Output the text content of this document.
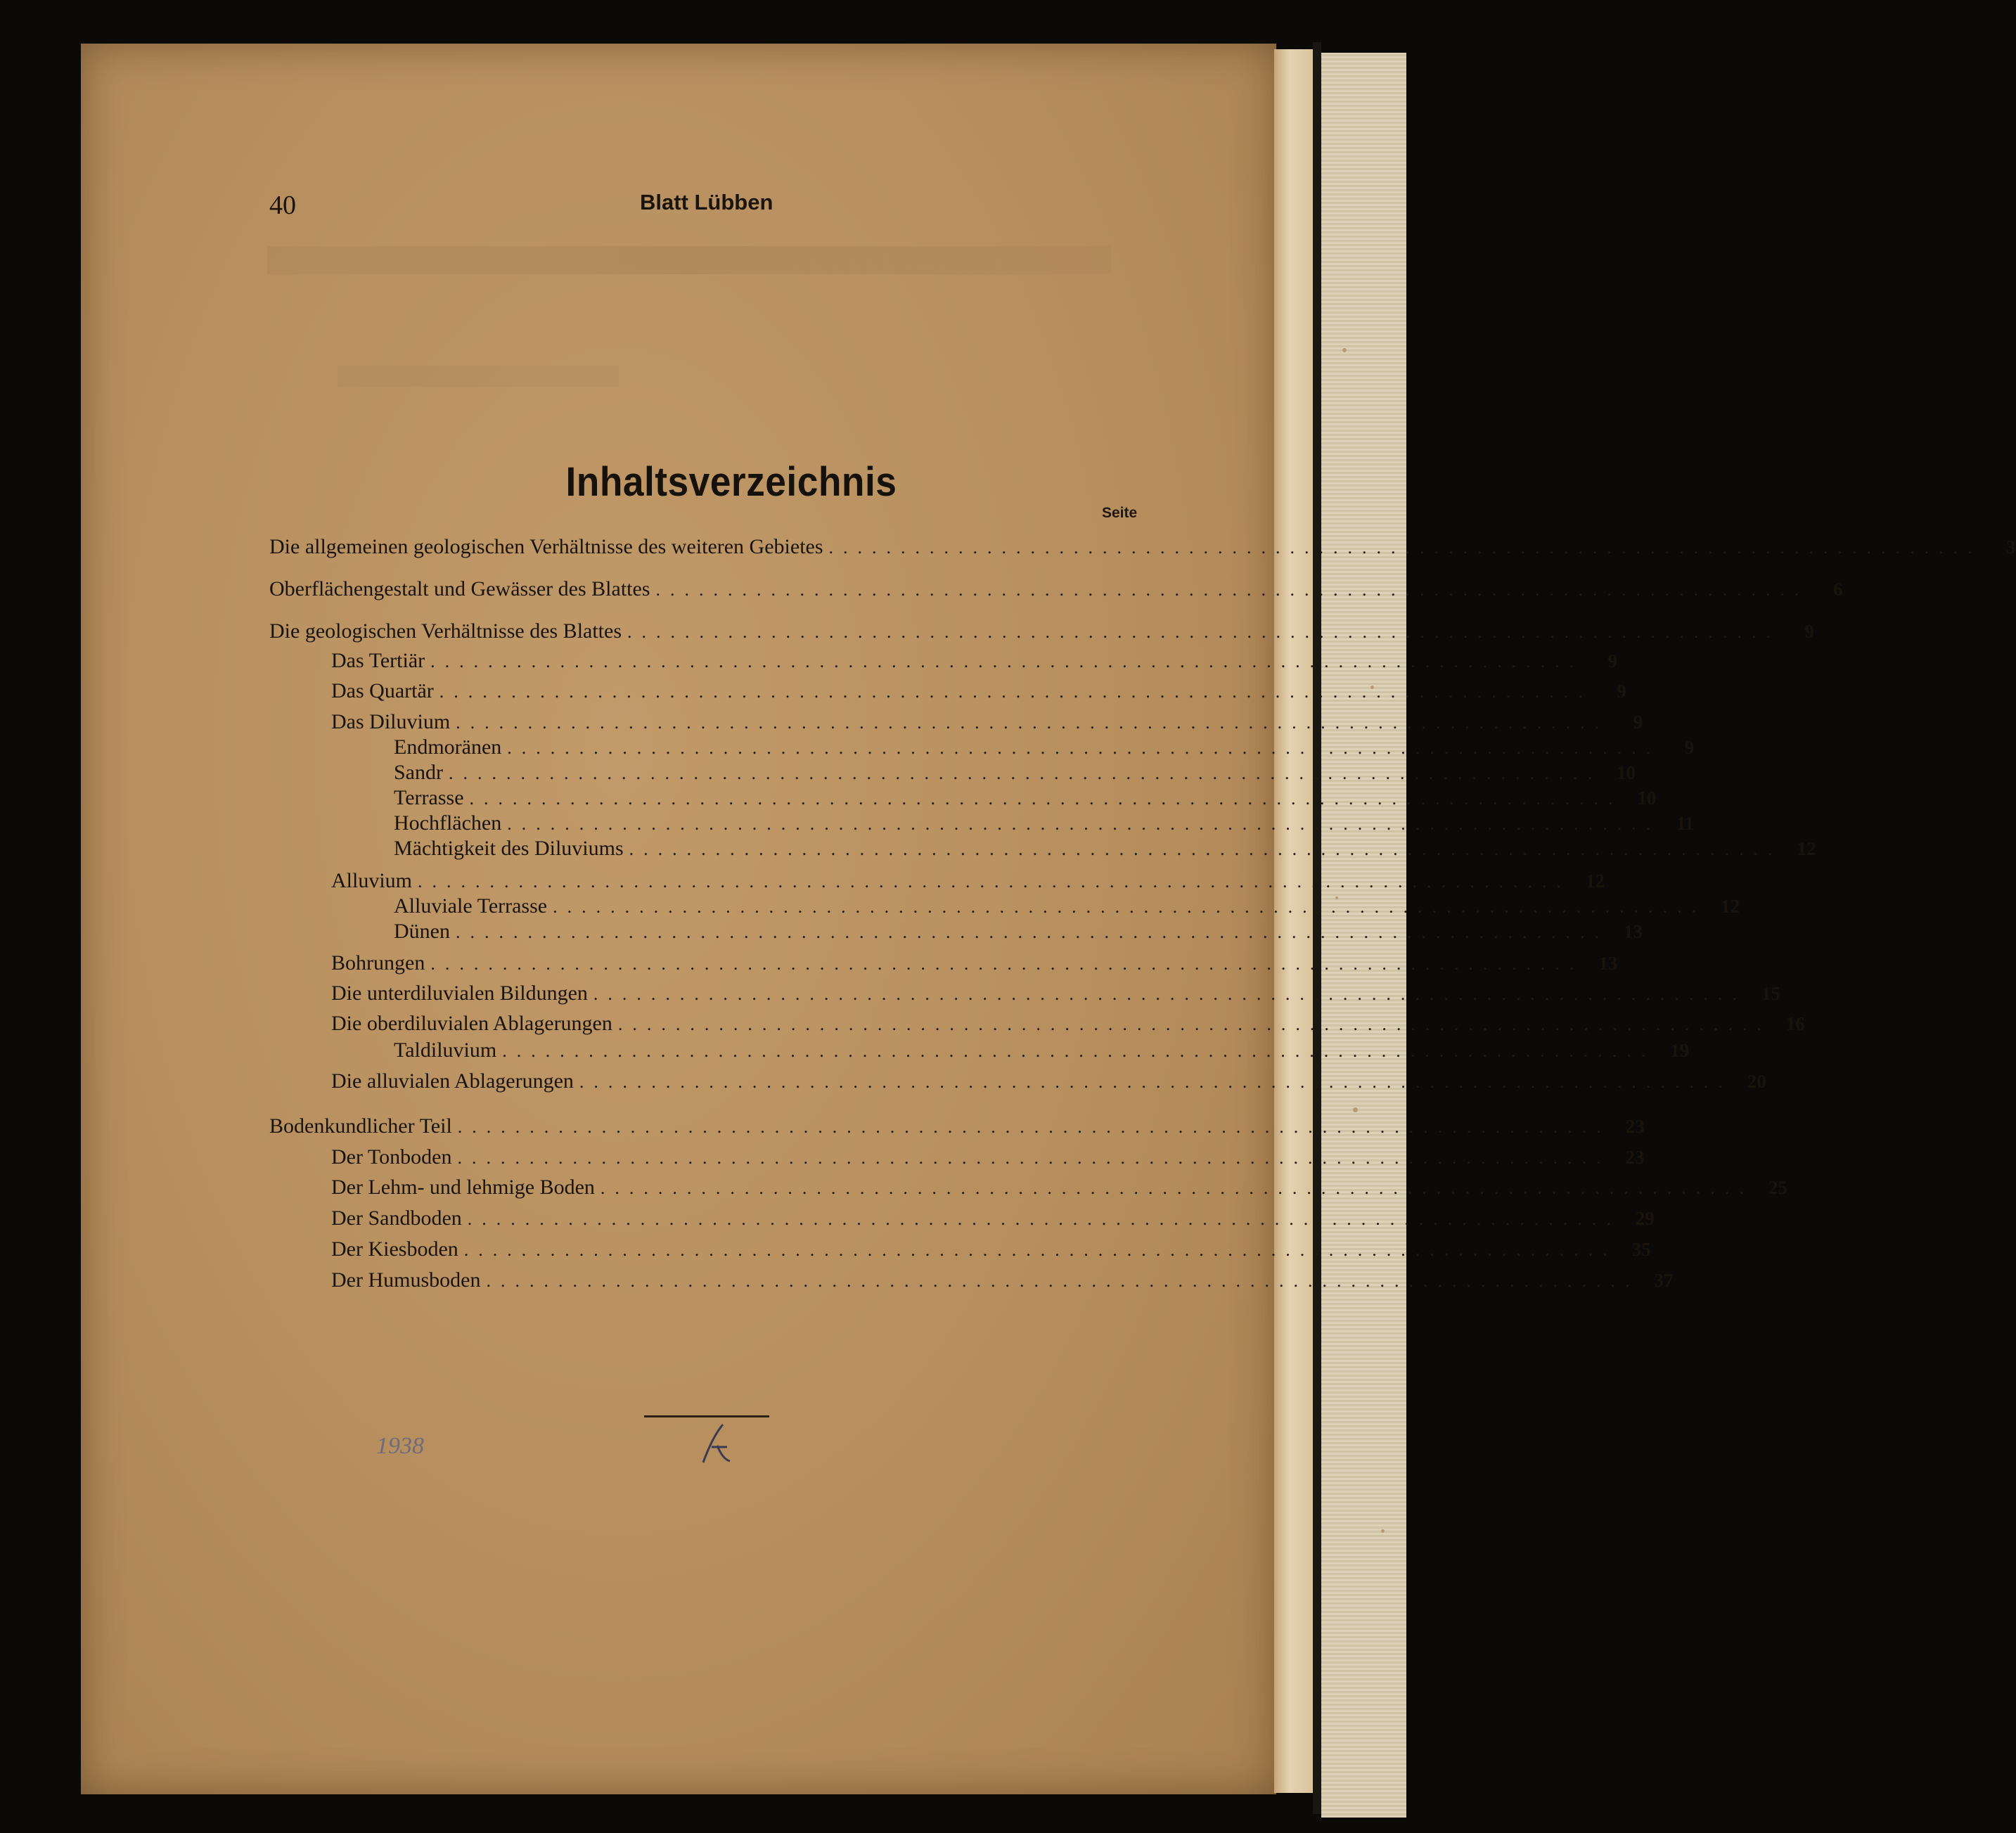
40	Blatt Lübben
Inhaltsverzeichnis
Seite
Die allgemeinen geologischen Verhältnisse des weiteren Gebietes ................................................................................	3
Oberflächengestalt und Gewässer des Blattes ................................................................................	6
Die geologischen Verhältnisse des Blattes ................................................................................	9
Das Tertiär ................................................................................	9
Das Quartär ................................................................................	9
Das Diluvium ................................................................................	9
Endmoränen ................................................................................	9
Sandr ................................................................................ 10
Terrasse ................................................................................ 10
Hochflächen ................................................................................ 11
Mächtigkeit des Diluviums ................................................................................ 12
Alluvium ................................................................................ 12
Alluviale Terrasse ................................................................................ 12
Dünen ................................................................................ 13
Bohrungen ................................................................................ 13
Die unterdiluvialen Bildungen ................................................................................ 15
Die oberdiluvialen Ablagerungen ................................................................................ 16
Taldiluvium ................................................................................ 19
Die alluvialen Ablagerungen ................................................................................ 20
Bodenkundlicher Teil ................................................................................ 23
Der Tonboden ................................................................................ 23
Der Lehm- und lehmige Boden ................................................................................ 25
Der Sandboden ................................................................................ 29
Der Kiesboden ................................................................................ 35
Der Humusboden ................................................................................ 37
1938
